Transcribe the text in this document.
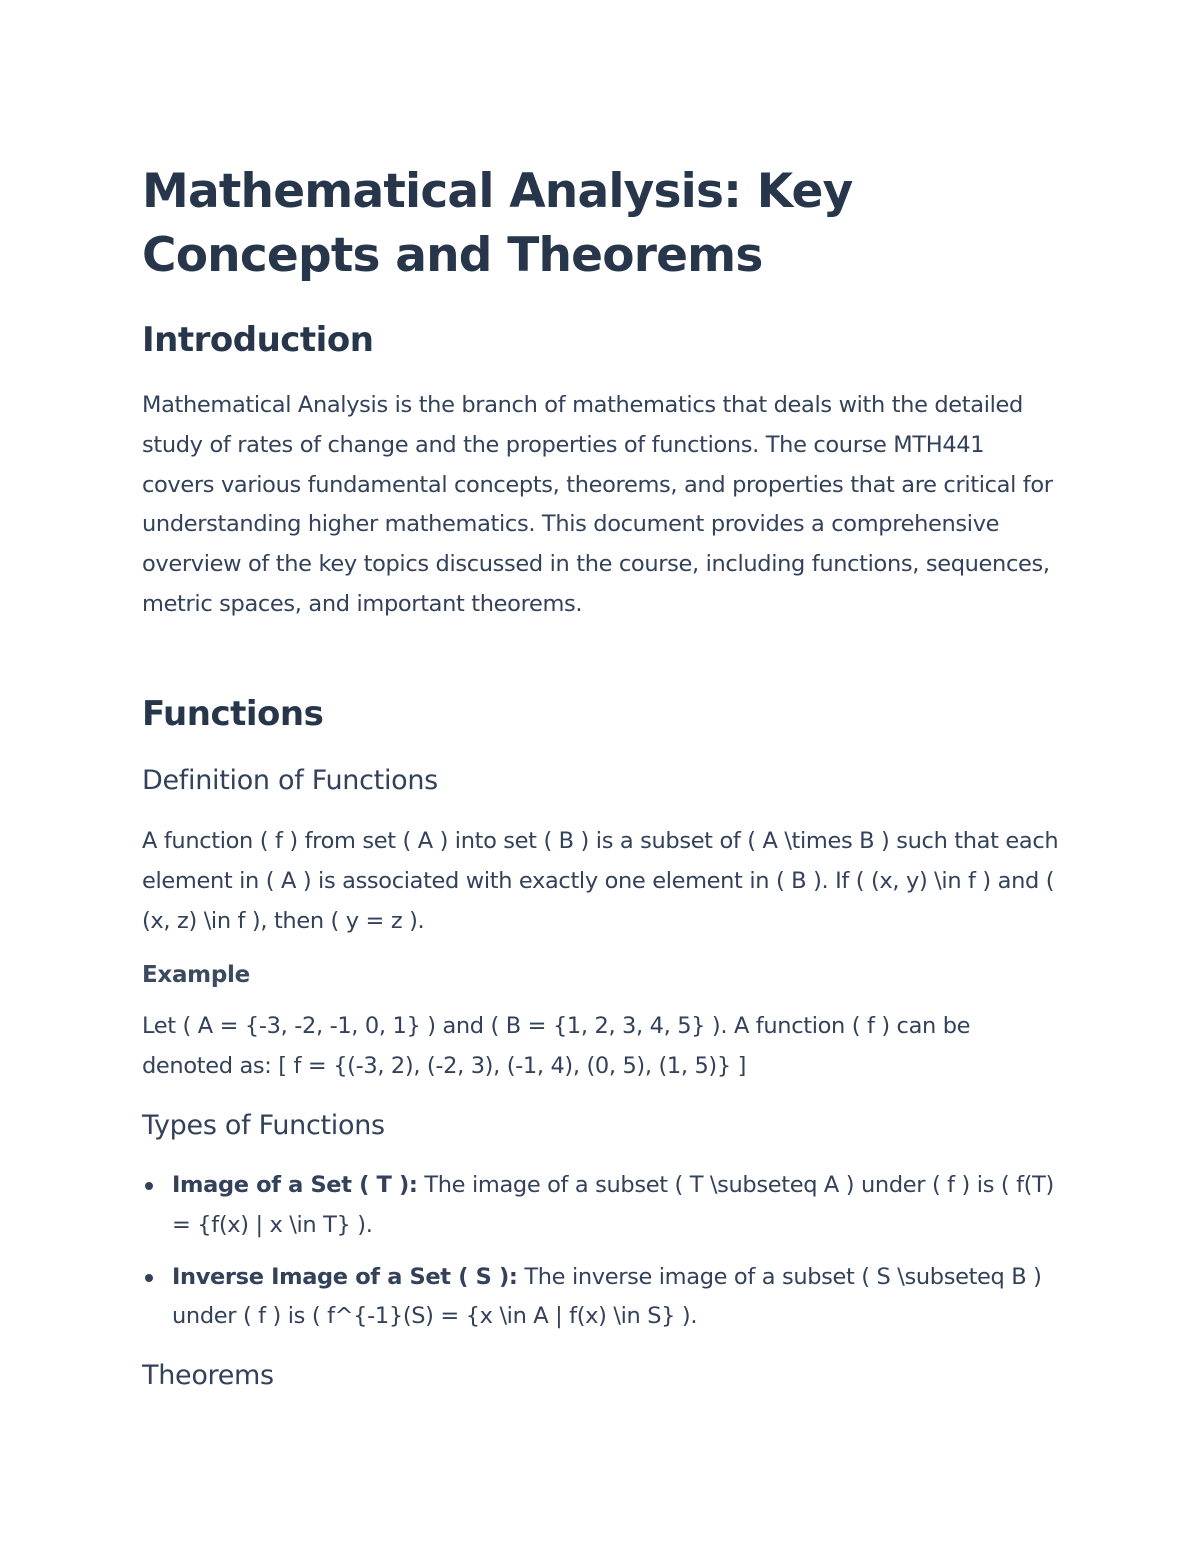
Mathematical Analysis: Key Concepts and Theorems
Introduction

Mathematical Analysis is the branch of mathematics that deals with the detailed study of rates of change and the properties of functions. The course MTH441 covers various fundamental concepts, theorems, and properties that are critical for understanding higher mathematics. This document provides a comprehensive overview of the key topics discussed in the course, including functions, sequences, metric spaces, and important theorems.

Functions
Definition of Functions

A function ( f ) from set ( A ) into set ( B ) is a subset of ( A \times B ) such that each element in ( A ) is associated with exactly one element in ( B ). If ( (x, y) \in f ) and ( (x, z) \in f ), then ( y = z ).

Example

Let ( A = {-3, -2, -1, 0, 1} ) and ( B = {1, 2, 3, 4, 5} ). A function ( f ) can be denoted as: [ f = {(-3, 2), (-2, 3), (-1, 4), (0, 5), (1, 5)} ]

Types of Functions
Image of a Set ( T ): The image of a subset ( T \subseteq A ) under ( f ) is ( f(T) = {f(x) | x \in T} ).
Inverse Image of a Set ( S ): The inverse image of a subset ( S \subseteq B ) under ( f ) is ( f^{-1}(S) = {x \in A | f(x) \in S} ).
Theorems
